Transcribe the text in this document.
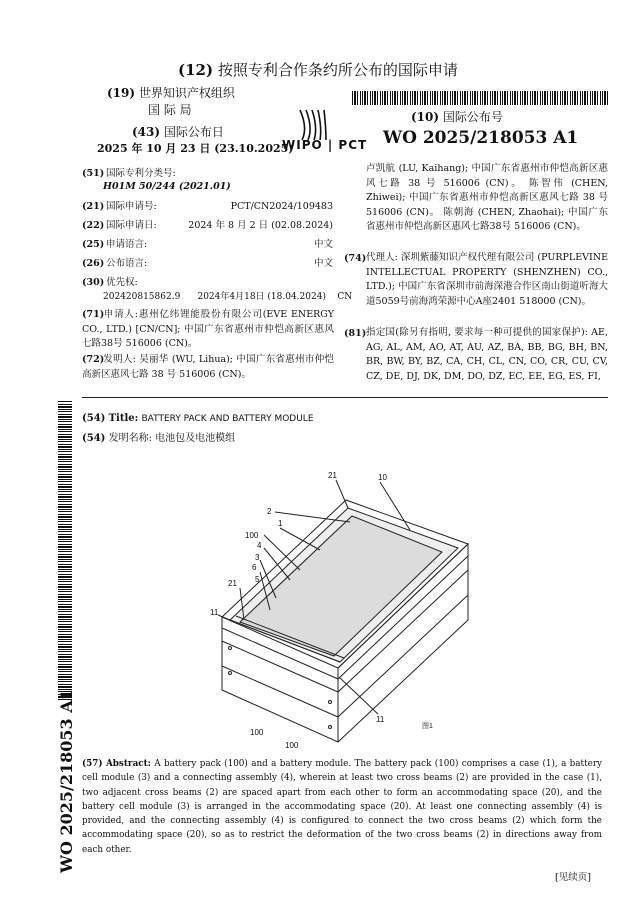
(12) 按照专利合作条约所公布的国际申请
(19) 世界知识产权组织
国 际 局
(43) 国际公布日
2025 年 10 月 23 日 (23.10.2025)
WIPO | PCT
(10) 国际公布号
WO 2025/218053 A1
(51) 国际专利分类号:
H01M 50/244 (2021.01)
(21) 国际申请号:	PCT/CN2024/109483
(22) 国际申请日:	2024 年 8 月 2 日 (02.08.2024)
(25) 申请语言:	中文
(26) 公布语言:	中文
(30) 优先权:
202420815862.9      2024年4月18日 (18.04.2024)    CN
(71)申请人:惠州亿纬锂能股份有限公司(EVE ENERGY CO., LTD.) [CN/CN]; 中国广东省惠州市仲恺高新区惠风七路38号 516006 (CN)。
(72)发明人: 吴丽华 (WU, Lihua); 中国广东省惠州市仲恺高新区惠风七路 38 号 516006 (CN)。
卢凯航 (LU, Kaihang); 中国广东省惠州市仲恺高新区惠风七路 38 号 516006 (CN)。 陈智伟 (CHEN, Zhiwei); 中国广东省惠州市仲恺高新区惠风七路 38 号 516006 (CN)。 陈朝海 (CHEN, Zhaohai); 中国广东省惠州市仲恺高新区惠风七路38号 516006 (CN)。
(74) 代理人: 深圳紫藤知识产权代理有限公司 (PURPLEVINE INTELLECTUAL PROPERTY (SHENZHEN) CO., LTD.); 中国广东省深圳市前海深港合作区南山街道听海大道5059号前海鸿荣源中心A座2401 518000 (CN)。
(81) 指定国(除另有指明, 要求每一种可提供的国家保护): AE, AG, AL, AM, AO, AT, AU, AZ, BA, BB, BG, BH, BN, BR, BW, BY, BZ, CA, CH, CL, CN, CO, CR, CU, CV, CZ, DE, DJ, DK, DM, DO, DZ, EC, EE, EG, ES, FI,
WO 2025/218053 A1
(54) Title: BATTERY PACK AND BATTERY MODULE
(54) 发明名称: 电池包及电池模组
21	10
2
100
1
4
3
6
5
21
11
11
100
100
图1
(57) Abstract: A battery pack (100) and a battery module. The battery pack (100) comprises a case (1), a battery cell module (3) and a connecting assembly (4), wherein at least two cross beams (2) are provided in the case (1), two adjacent cross beams (2) are spaced apart from each other to form an accommodating space (20), and the battery cell module (3) is arranged in the accommodating space (20). At least one connecting assembly (4) is provided, and the connecting assembly (4) is configured to connect the two cross beams (2) which form the accommodating space (20), so as to restrict the deformation of the two cross beams (2) in directions away from each other.
[见续页]
